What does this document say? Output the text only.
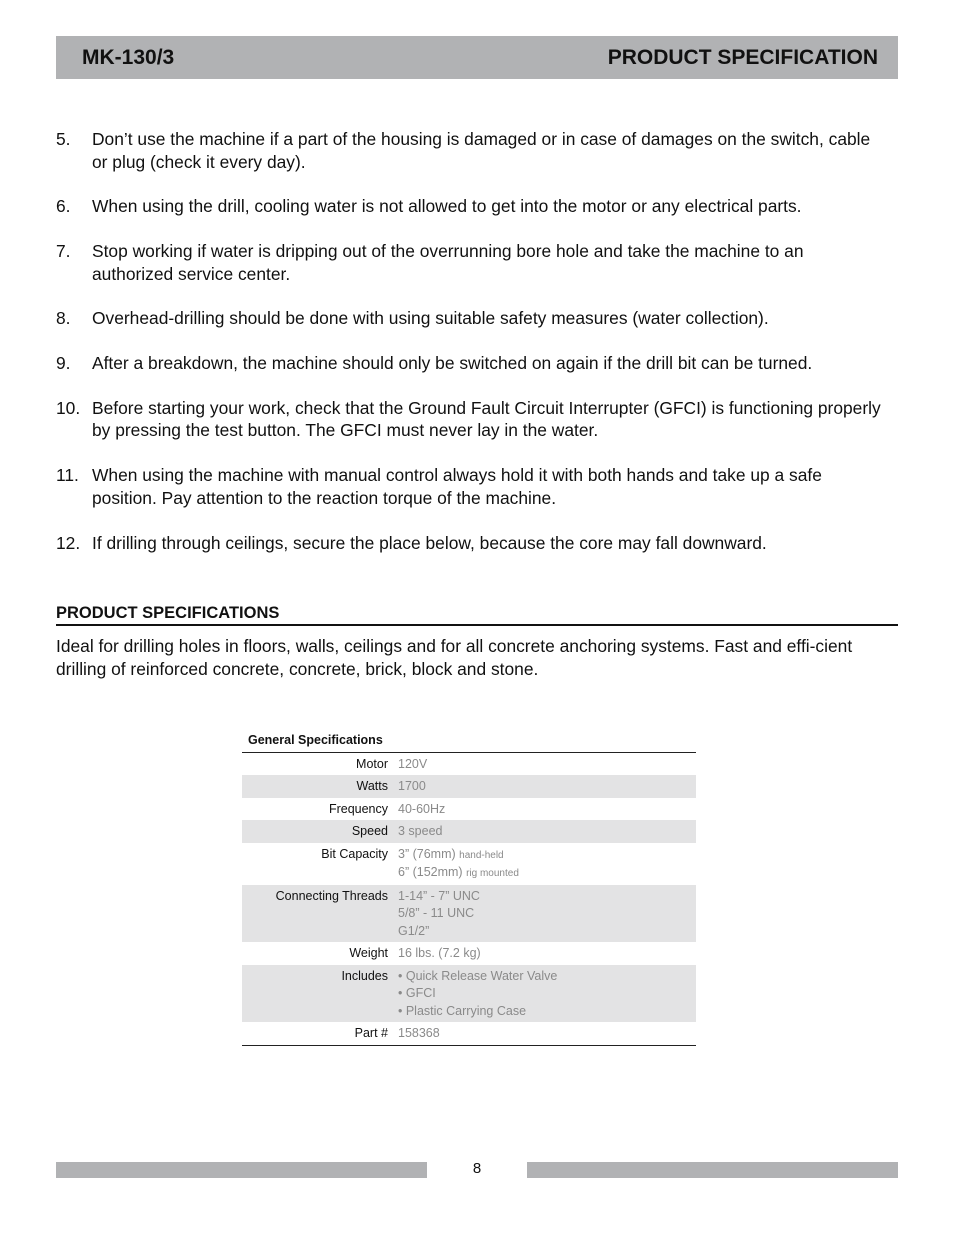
MK-130/3	PRODUCT SPECIFICATION
5. Don’t use the machine if a part of the housing is damaged or in case of damages on the switch, cable or plug (check it every day).
6. When using the drill, cooling water is not allowed to get into the motor or any electrical parts.
7. Stop working if water is dripping out of the overrunning bore hole and take the machine to an authorized service center.
8. Overhead-drilling should be done with using suitable safety measures (water collection).
9. After a breakdown, the machine should only be switched on again if the drill bit can be turned.
10. Before starting your work, check that the Ground Fault Circuit Interrupter (GFCI) is functioning properly by pressing the test button. The GFCI must never lay in the water.
11. When using the machine with manual control always hold it with both hands and take up a safe position. Pay attention to the reaction torque of the machine.
12. If drilling through ceilings, secure the place below, because the core may fall downward.
PRODUCT SPECIFICATIONS
Ideal for drilling holes in floors, walls, ceilings and for all concrete anchoring systems. Fast and effi-cient drilling of reinforced concrete, concrete, brick, block and stone.
General Specifications	
Motor	120V
Watts	1700
Frequency	40-60Hz
Speed	3 speed
Bit Capacity	3” (76mm) hand-held
6” (152mm) rig mounted

Connecting Threads	1-14” - 7” UNC
5/8” - 11 UNC
G1/2”

Weight	16 lbs. (7.2 kg)
Includes	• Quick Release Water Valve
• GFCI
• Plastic Carrying Case

Part #	158368
8
